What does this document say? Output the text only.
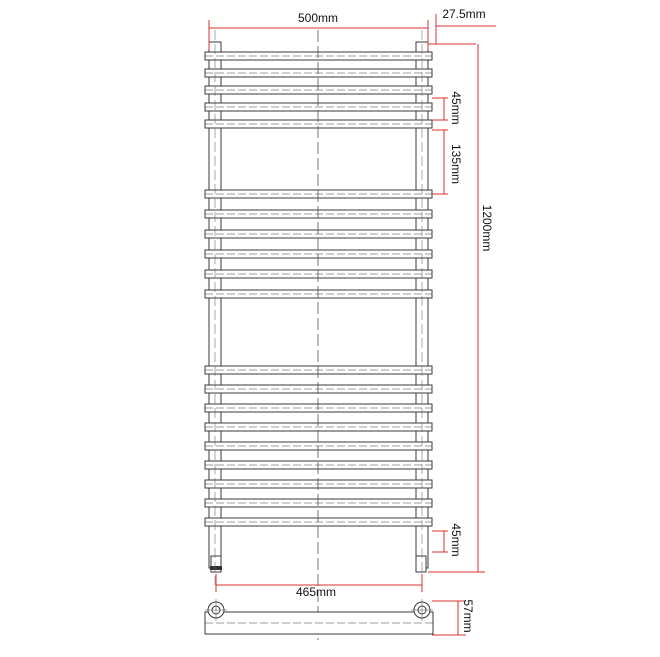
500mm	27.5mm
45mm
135mm
1200mm
45mm
465mm
57mm
